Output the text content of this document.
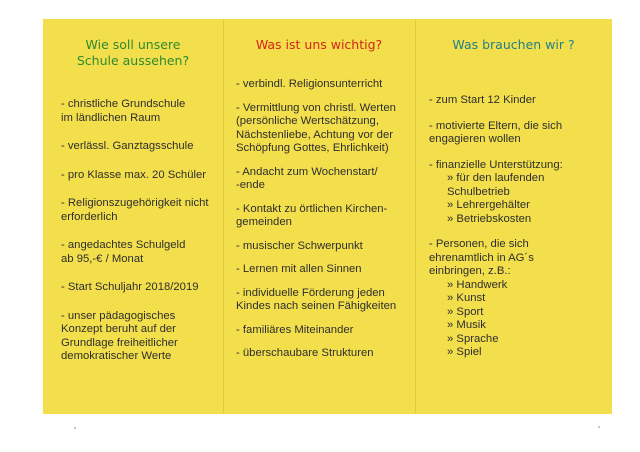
Wie soll unsere
Schule aussehen?
- christliche Grundschule
im ländlichen Raum
- verlässl. Ganztagsschule
- pro Klasse max. 20 Schüler
- Religionszugehörigkeit nicht
erforderlich
- angedachtes Schulgeld
ab 95,-€ / Monat
- Start Schuljahr 2018/2019
- unser pädagogisches
Konzept beruht auf der
Grundlage freiheitlicher
demokratischer Werte
Was ist uns wichtig?
- verbindl. Religionsunterricht
- Vermittlung von christl. Werten
(persönliche Wertschätzung,
Nächstenliebe, Achtung vor der
Schöpfung Gottes, Ehrlichkeit)
- Andacht zum Wochenstart/
-ende
- Kontakt zu örtlichen Kirchen-
gemeinden
- musischer Schwerpunkt
- Lernen mit allen Sinnen
- individuelle Förderung jeden
Kindes nach seinen Fähigkeiten
- familiäres Miteinander
- überschaubare Strukturen
Was brauchen wir ?
- zum Start 12 Kinder
- motivierte Eltern, die sich
engagieren wollen
- finanzielle Unterstützung:
» für den laufenden
Schulbetrieb
» Lehrergehälter
» Betriebskosten
- Personen, die sich
ehrenamtlich in AG´s
einbringen, z.B.:
» Handwerk
» Kunst
» Sport
» Musik
» Sprache
» Spiel
